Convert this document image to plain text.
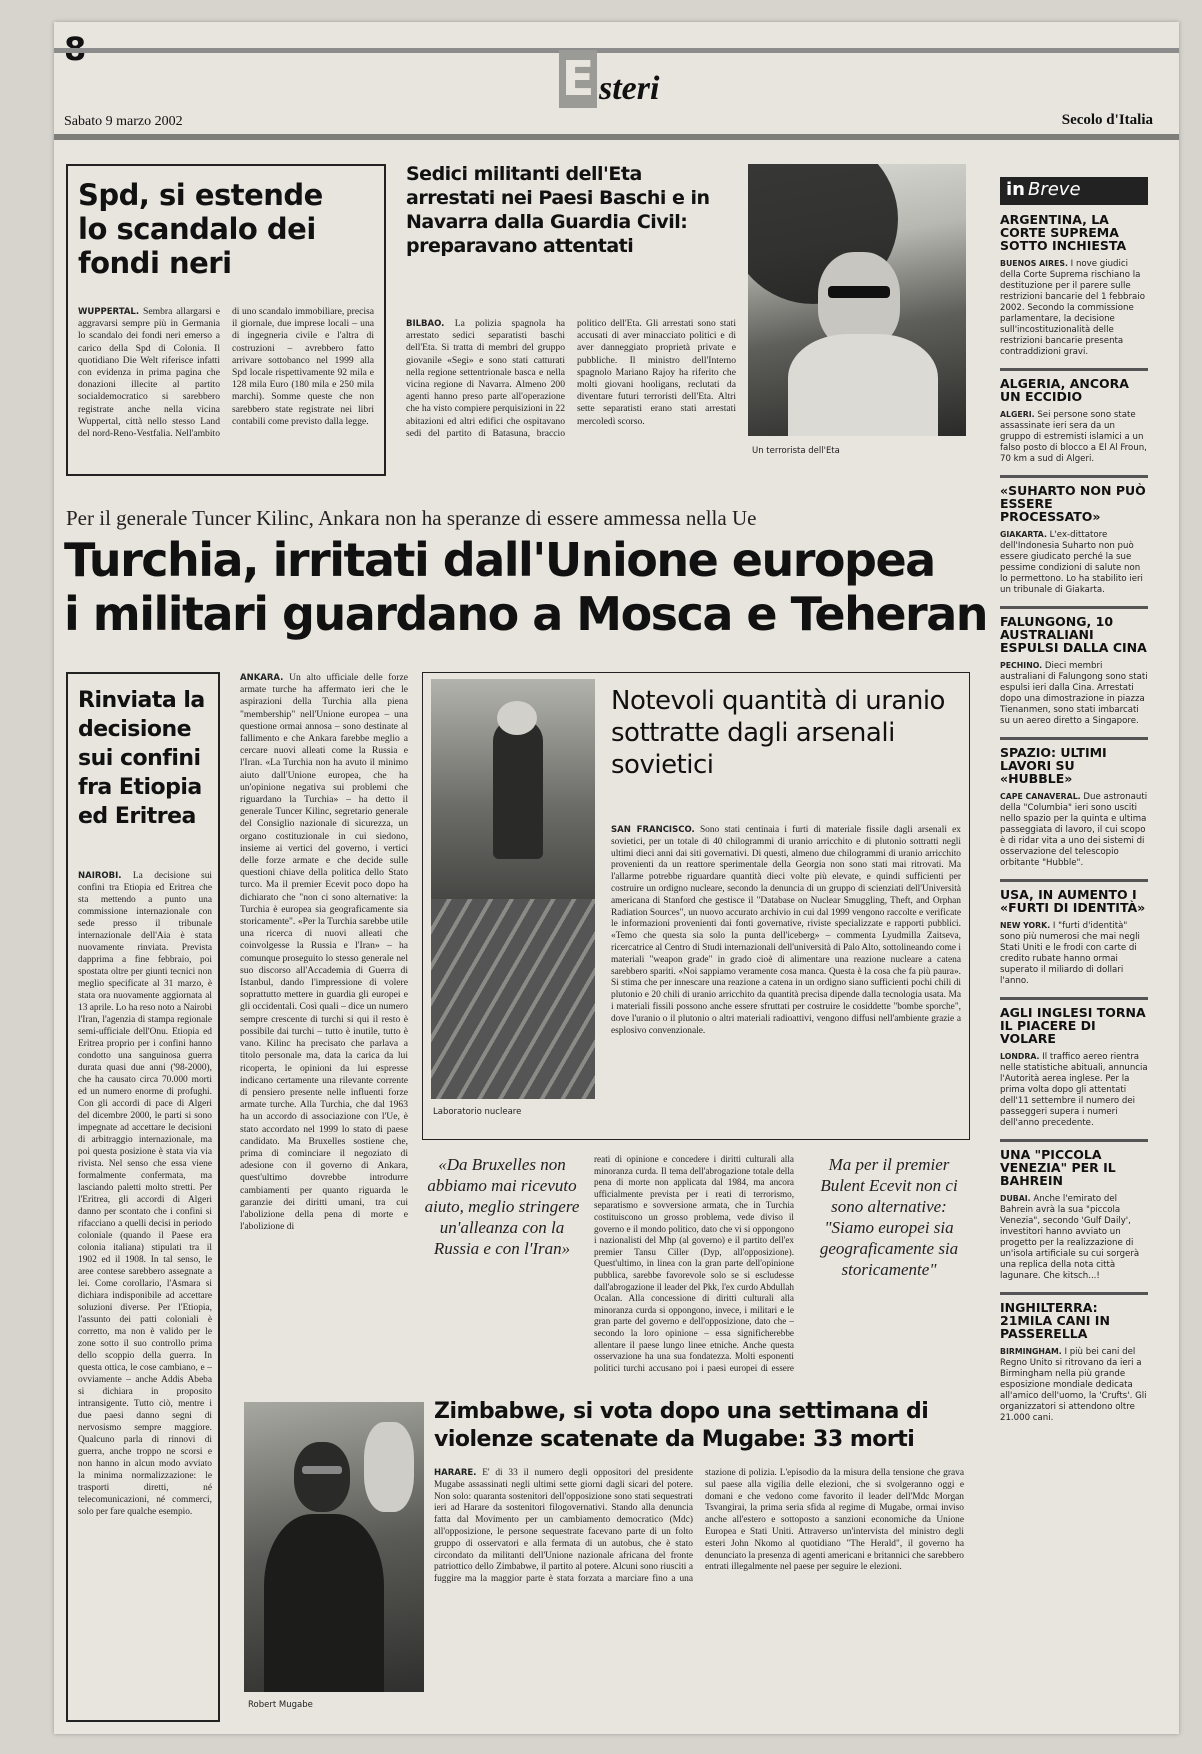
E steri
Sabato 9 marzo 2002	Secolo d'Italia
Spd, si estende lo scandalo dei fondi neri
WUPPERTAL. Sembra allargarsi e aggravarsi sempre più in Germania lo scandalo dei fondi neri emerso a carico della Spd di Colonia. Il quotidiano Die Welt riferisce infatti con evidenza in prima pagina che donazioni illecite al partito socialdemocratico si sarebbero registrate anche nella vicina Wuppertal, città nello stesso Land del nord-Reno-Vestfalia. Nell'ambito di uno scandalo immobiliare, precisa il giornale, due imprese locali – una di ingegneria civile e l'altra di costruzioni – avrebbero fatto arrivare sottobanco nel 1999 alla Spd locale rispettivamente 92 mila e 128 mila Euro (180 mila e 250 mila marchi). Somme queste che non sarebbero state registrate nei libri contabili come previsto dalla legge.
Sedici militanti dell'Eta arrestati nei Paesi Baschi e in Navarra dalla Guardia Civil: preparavano attentati
BILBAO. La polizia spagnola ha arrestato sedici separatisti baschi dell'Eta. Si tratta di membri del gruppo giovanile «Segi» e sono stati catturati nella regione settentrionale basca e nella vicina regione di Navarra. Almeno 200 agenti hanno preso parte all'operazione che ha visto compiere perquisizioni in 22 abitazioni ed altri edifici che ospitavano sedi del partito di Batasuna, braccio politico dell'Eta. Gli arrestati sono stati accusati di aver minacciato politici e di aver danneggiato proprietà private e pubbliche. Il ministro dell'Interno spagnolo Mariano Rajoy ha riferito che molti giovani hooligans, reclutati da diventare futuri terroristi dell'Eta. Altri sette separatisti erano stati arrestati mercoledì scorso.
Un terrorista dell'Eta
in Breve
ARGENTINA, LA CORTE SUPREMA SOTTO INCHIESTA
BUENOS AIRES. I nove giudici della Corte Suprema rischiano la destituzione per il parere sulle restrizioni bancarie del 1 febbraio 2002. Secondo la commissione parlamentare, la decisione sull'incostituzionalità delle restrizioni bancarie presenta contraddizioni gravi.
ALGERIA, ANCORA UN ECCIDIO
ALGERI. Sei persone sono state assassinate ieri sera da un gruppo di estremisti islamici a un falso posto di blocco a El Al Froun, 70 km a sud di Algeri.
«SUHARTO NON PUÒ ESSERE PROCESSATO»
GIAKARTA. L'ex-dittatore dell'Indonesia Suharto non può essere giudicato perché la sue pessime condizioni di salute non lo permettono. Lo ha stabilito ieri un tribunale di Giakarta.
FALUNGONG, 10 AUSTRALIANI ESPULSI DALLA CINA
PECHINO. Dieci membri australiani di Falungong sono stati espulsi ieri dalla Cina. Arrestati dopo una dimostrazione in piazza Tienanmen, sono stati imbarcati su un aereo diretto a Singapore.
SPAZIO: ULTIMI LAVORI SU «HUBBLE»
CAPE CANAVERAL. Due astronauti della "Columbia" ieri sono usciti nello spazio per la quinta e ultima passeggiata di lavoro, il cui scopo è di ridar vita a uno dei sistemi di osservazione del telescopio orbitante "Hubble".
USA, IN AUMENTO I «FURTI DI IDENTITÀ»
NEW YORK. I "furti d'identità" sono più numerosi che mai negli Stati Uniti e le frodi con carte di credito rubate hanno ormai superato il miliardo di dollari l'anno.
AGLI INGLESI TORNA IL PIACERE DI VOLARE
LONDRA. Il traffico aereo rientra nelle statistiche abituali, annuncia l'Autorità aerea inglese. Per la prima volta dopo gli attentati dell'11 settembre il numero dei passeggeri supera i numeri dell'anno precedente.
UNA "PICCOLA VENEZIA" PER IL BAHREIN
DUBAI. Anche l'emirato del Bahrein avrà la sua "piccola Venezia", secondo 'Gulf Daily', investitori hanno avviato un progetto per la realizzazione di un'isola artificiale su cui sorgerà una replica della nota città lagunare. Che kitsch...!
INGHILTERRA: 21MILA CANI IN PASSERELLA
BIRMINGHAM. I più bei cani del Regno Unito si ritrovano da ieri a Birmingham nella più grande esposizione mondiale dedicata all'amico dell'uomo, la 'Crufts'. Gli organizzatori si attendono oltre 21.000 cani.
Per il generale Tuncer Kilinc, Ankara non ha speranze di essere ammessa nella Ue
Turchia, irritati dall'Unione europea
i militari guardano a Mosca e Teheran
Rinviata la decisione sui confini fra Etiopia ed Eritrea
NAIROBI. La decisione sui confini tra Etiopia ed Eritrea che sta mettendo a punto una commissione internazionale con sede presso il tribunale internazionale dell'Aia è stata nuovamente rinviata. Prevista dapprima a fine febbraio, poi spostata oltre per giunti tecnici non meglio specificate al 31 marzo, è stata ora nuovamente aggiornata al 13 aprile. Lo ha reso noto a Nairobi l'Iran, l'agenzia di stampa regionale semi-ufficiale dell'Onu. Etiopia ed Eritrea proprio per i confini hanno condotto una sanguinosa guerra durata quasi due anni ('98-2000), che ha causato circa 70.000 morti ed un numero enorme di profughi. Con gli accordi di pace di Algeri del dicembre 2000, le parti si sono impegnate ad accettare le decisioni di arbitraggio internazionale, ma poi questa posizione è stata via via rivista. Nel senso che essa viene formalmente confermata, ma lasciando paletti molto stretti. Per l'Eritrea, gli accordi di Algeri danno per scontato che i confini si rifacciano a quelli decisi in periodo coloniale (quando il Paese era colonia italiana) stipulati tra il 1902 ed il 1908. In tal senso, le aree contese sarebbero assegnate a lei. Come corollario, l'Asmara si dichiara indisponibile ad accettare soluzioni diverse. Per l'Etiopia, l'assunto dei patti coloniali è corretto, ma non è valido per le zone sotto il suo controllo prima dello scoppio della guerra. In questa ottica, le cose cambiano, e – ovviamente – anche Addis Abeba si dichiara in proposito intransigente. Tutto ciò, mentre i due paesi danno segni di nervosismo sempre maggiore. Qualcuno parla di rinnovi di guerra, anche troppo ne scorsi e non hanno in alcun modo avviato la minima normalizzazione: le trasporti diretti, né telecomunicazioni, né commerci, solo per fare qualche esempio.
ANKARA. Un alto ufficiale delle forze armate turche ha affermato ieri che le aspirazioni della Turchia alla piena "membership" nell'Unione europea – una questione ormai annosa – sono destinate al fallimento e che Ankara farebbe meglio a cercare nuovi alleati come la Russia e l'Iran. «La Turchia non ha avuto il minimo aiuto dall'Unione europea, che ha un'opinione negativa sui problemi che riguardano la Turchia» – ha detto il generale Tuncer Kilinc, segretario generale del Consiglio nazionale di sicurezza, un organo costituzionale in cui siedono, insieme ai vertici del governo, i vertici delle forze armate e che decide sulle questioni chiave della politica dello Stato turco. Ma il premier Ecevit poco dopo ha dichiarato che "non ci sono alternative: la Turchia è europea sia geograficamente sia storicamente". «Per la Turchia sarebbe utile una ricerca di nuovi alleati che coinvolgesse la Russia e l'Iran» – ha comunque proseguito lo stesso generale nel suo discorso all'Accademia di Guerra di Istanbul, dando l'impressione di volere soprattutto mettere in guardia gli europei e gli occidentali. Così quali – dice un numero sempre crescente di turchi si qui il resto è possibile dai turchi – tutto è inutile, tutto è vano. Kilinc ha precisato che parlava a titolo personale ma, data la carica da lui ricoperta, le opinioni da lui espresse indicano certamente una rilevante corrente di pensiero presente nelle influenti forze armate turche. Alla Turchia, che dal 1963 ha un accordo di associazione con l'Ue, è stato accordato nel 1999 lo stato di paese candidato. Ma Bruxelles sostiene che, prima di cominciare il negoziato di adesione con il governo di Ankara, quest'ultimo dovrebbe introdurre cambiamenti per quanto riguarda le garanzie dei diritti umani, tra cui l'abolizione della pena di morte e l'abolizione di
Laboratorio nucleare
Notevoli quantità di uranio sottratte dagli arsenali sovietici
SAN FRANCISCO. Sono stati centinaia i furti di materiale fissile dagli arsenali ex sovietici, per un totale di 40 chilogrammi di uranio arricchito e di plutonio sottratti negli ultimi dieci anni dai siti governativi. Di questi, almeno due chilogrammi di uranio arricchito provenienti da un reattore sperimentale della Georgia non sono stati mai ritrovati. Ma l'allarme potrebbe riguardare quantità dieci volte più elevate, e quindi sufficienti per costruire un ordigno nucleare, secondo la denuncia di un gruppo di scienziati dell'Università americana di Stanford che gestisce il "Database on Nuclear Smuggling, Theft, and Orphan Radiation Sources", un nuovo accurato archivio in cui dal 1999 vengono raccolte e verificate le informazioni provenienti dai fonti governative, riviste specializzate e rapporti pubblici. «Temo che questa sia solo la punta dell'iceberg» – commenta Lyudmilla Zaitseva, ricercatrice al Centro di Studi internazionali dell'università di Palo Alto, sottolineando come i materiali "weapon grade" in grado cioè di alimentare una reazione nucleare a catena sarebbero spariti. «Noi sappiamo veramente cosa manca. Questa è la cosa che fa più paura». Si stima che per innescare una reazione a catena in un ordigno siano sufficienti pochi chili di plutonio e 20 chili di uranio arricchito da quantità precisa dipende dalla tecnologia usata. Ma i materiali fissili possono anche essere sfruttati per costruire le cosiddette "bombe sporche", dove l'uranio o il plutonio o altri materiali radioattivi, vengono diffusi nell'ambiente grazie a esplosivo convenzionale.
«Da Bruxelles non abbiamo mai ricevuto aiuto, meglio stringere un'alleanza con la Russia e con l'Iran»
Ma per il premier Bulent Ecevit non ci sono alternative: "Siamo europei sia geograficamente sia storicamente"
reati di opinione e concedere i diritti culturali alla minoranza curda. Il tema dell'abrogazione totale della pena di morte non applicata dal 1984, ma ancora ufficialmente prevista per i reati di terrorismo, separatismo e sovversione armata, che in Turchia costituiscono un grosso problema, vede diviso il governo e il mondo politico, dato che vi si oppongono i nazionalisti del Mhp (al governo) e il partito dell'ex premier Tansu Ciller (Dyp, all'opposizione). Quest'ultimo, in linea con la gran parte dell'opinione pubblica, sarebbe favorevole solo se si escludesse dall'abrogazione il leader del Pkk, l'ex curdo Abdullah Ocalan. Alla concessione di diritti culturali alla minoranza curda si oppongono, invece, i militari e le gran parte del governo e dell'opposizione, dato che – secondo la loro opinione – essa significherebbe allentare il paese lungo linee etniche. Anche questa osservazione ha una sua fondatezza. Molti esponenti politici turchi accusano poi i paesi europei di essere
Robert Mugabe
Zimbabwe, si vota dopo una settimana di violenze scatenate da Mugabe: 33 morti
HARARE. E' di 33 il numero degli oppositori del presidente Mugabe assassinati negli ultimi sette giorni dagli sicari del potere. Non solo: quaranta sostenitori dell'opposizione sono stati sequestrati ieri ad Harare da sostenitori filogovernativi. Stando alla denuncia fatta dal Movimento per un cambiamento democratico (Mdc) all'opposizione, le persone sequestrate facevano parte di un folto gruppo di osservatori e alla fermata di un autobus, che è stato circondato da militanti dell'Unione nazionale africana del fronte patriottico dello Zimbabwe, il partito al potere. Alcuni sono riusciti a fuggire ma la maggior parte è stata forzata a marciare fino a una stazione di polizia. L'episodio da la misura della tensione che grava sul paese alla vigilia delle elezioni, che si svolgeranno oggi e domani e che vedono come favorito il leader dell'Mdc Morgan Tsvangirai, la prima seria sfida al regime di Mugabe, ormai inviso anche all'estero e sottoposto a sanzioni economiche da Unione Europea e Stati Uniti. Attraverso un'intervista del ministro degli esteri John Nkomo al quotidiano "The Herald", il governo ha denunciato la presenza di agenti americani e britannici che sarebbero entrati illegalmente nel paese per seguire le elezioni.
